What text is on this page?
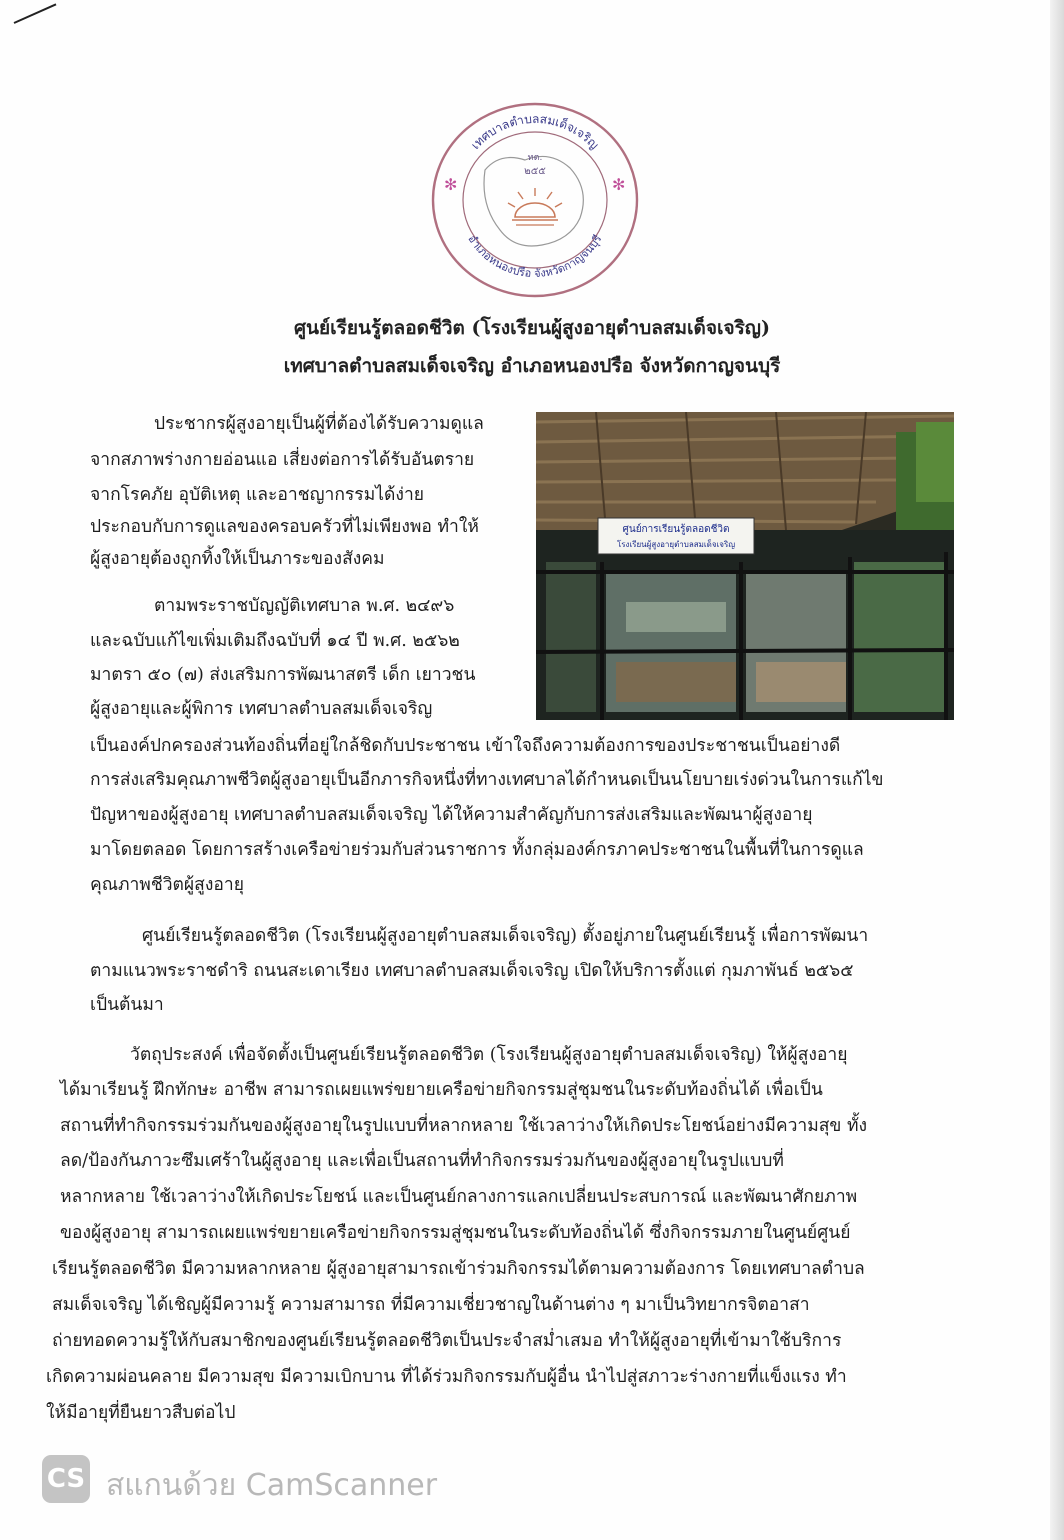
เทศบาลตำบลสมเด็จเจริญ
อำเภอหนองปรือ จังหวัดกาญจนบุรี
ทต.
๒๕๕
✻	✻
ศูนย์เรียนรู้ตลอดชีวิต (โรงเรียนผู้สูงอายุตำบลสมเด็จเจริญ)
เทศบาลตำบลสมเด็จเจริญ อำเภอหนองปรือ จังหวัดกาญจนบุรี
ศูนย์การเรียนรู้ตลอดชีวิต
โรงเรียนผู้สูงอายุตำบลสมเด็จเจริญ
ประชากรผู้สูงอายุเป็นผู้ที่ต้องได้รับความดูแล
จากสภาพร่างกายอ่อนแอ เสี่ยงต่อการได้รับอันตราย
จากโรคภัย อุบัติเหตุ และอาชญากรรมได้ง่าย
ประกอบกับการดูแลของครอบครัวที่ไม่เพียงพอ ทำให้
ผู้สูงอายุต้องถูกทิ้งให้เป็นภาระของสังคม
ตามพระราชบัญญัติเทศบาล พ.ศ. ๒๔๙๖
และฉบับแก้ไขเพิ่มเติมถึงฉบับที่ ๑๔ ปี พ.ศ. ๒๕๖๒
มาตรา ๕๐ (๗) ส่งเสริมการพัฒนาสตรี เด็ก เยาวชน
ผู้สูงอายุและผู้พิการ เทศบาลตำบลสมเด็จเจริญ
เป็นองค์ปกครองส่วนท้องถิ่นที่อยู่ใกล้ชิดกับประชาชน เข้าใจถึงความต้องการของประชาชนเป็นอย่างดี
การส่งเสริมคุณภาพชีวิตผู้สูงอายุเป็นอีกภารกิจหนึ่งที่ทางเทศบาลได้กำหนดเป็นนโยบายเร่งด่วนในการแก้ไข
ปัญหาของผู้สูงอายุ เทศบาลตำบลสมเด็จเจริญ ได้ให้ความสำคัญกับการส่งเสริมและพัฒนาผู้สูงอายุ
มาโดยตลอด โดยการสร้างเครือข่ายร่วมกับส่วนราชการ ทั้งกลุ่มองค์กรภาคประชาชนในพื้นที่ในการดูแล
คุณภาพชีวิตผู้สูงอายุ
ศูนย์เรียนรู้ตลอดชีวิต (โรงเรียนผู้สูงอายุตำบลสมเด็จเจริญ) ตั้งอยู่ภายในศูนย์เรียนรู้ เพื่อการพัฒนา
ตามแนวพระราชดำริ ถนนสะเดาเรียง เทศบาลตำบลสมเด็จเจริญ เปิดให้บริการตั้งแต่ กุมภาพันธ์ ๒๕๖๕
เป็นต้นมา
วัตถุประสงค์ เพื่อจัดตั้งเป็นศูนย์เรียนรู้ตลอดชีวิต (โรงเรียนผู้สูงอายุตำบลสมเด็จเจริญ) ให้ผู้สูงอายุ
ได้มาเรียนรู้ ฝึกทักษะ อาชีพ สามารถเผยแพร่ขยายเครือข่ายกิจกรรมสู่ชุมชนในระดับท้องถิ่นได้ เพื่อเป็น
สถานที่ทำกิจกรรมร่วมกันของผู้สูงอายุในรูปแบบที่หลากหลาย ใช้เวลาว่างให้เกิดประโยชน์อย่างมีความสุข ทั้ง
ลด/ป้องกันภาวะซึมเศร้าในผู้สูงอายุ และเพื่อเป็นสถานที่ทำกิจกรรมร่วมกันของผู้สูงอายุในรูปแบบที่
หลากหลาย ใช้เวลาว่างให้เกิดประโยชน์ และเป็นศูนย์กลางการแลกเปลี่ยนประสบการณ์ และพัฒนาศักยภาพ
ของผู้สูงอายุ สามารถเผยแพร่ขยายเครือข่ายกิจกรรมสู่ชุมชนในระดับท้องถิ่นได้ ซึ่งกิจกรรมภายในศูนย์ศูนย์
เรียนรู้ตลอดชีวิต มีความหลากหลาย ผู้สูงอายุสามารถเข้าร่วมกิจกรรมได้ตามความต้องการ โดยเทศบาลตำบล
สมเด็จเจริญ ได้เชิญผู้มีความรู้ ความสามารถ ที่มีความเชี่ยวชาญในด้านต่าง ๆ มาเป็นวิทยากรจิตอาสา
ถ่ายทอดความรู้ให้กับสมาชิกของศูนย์เรียนรู้ตลอดชีวิตเป็นประจำสม่ำเสมอ ทำให้ผู้สูงอายุที่เข้ามาใช้บริการ
เกิดความผ่อนคลาย มีความสุข มีความเบิกบาน ที่ได้ร่วมกิจกรรมกับผู้อื่น นำไปสู่สภาวะร่างกายที่แข็งแรง ทำ
ให้มีอายุที่ยืนยาวสืบต่อไป
CS สแกนด้วย CamScanner
